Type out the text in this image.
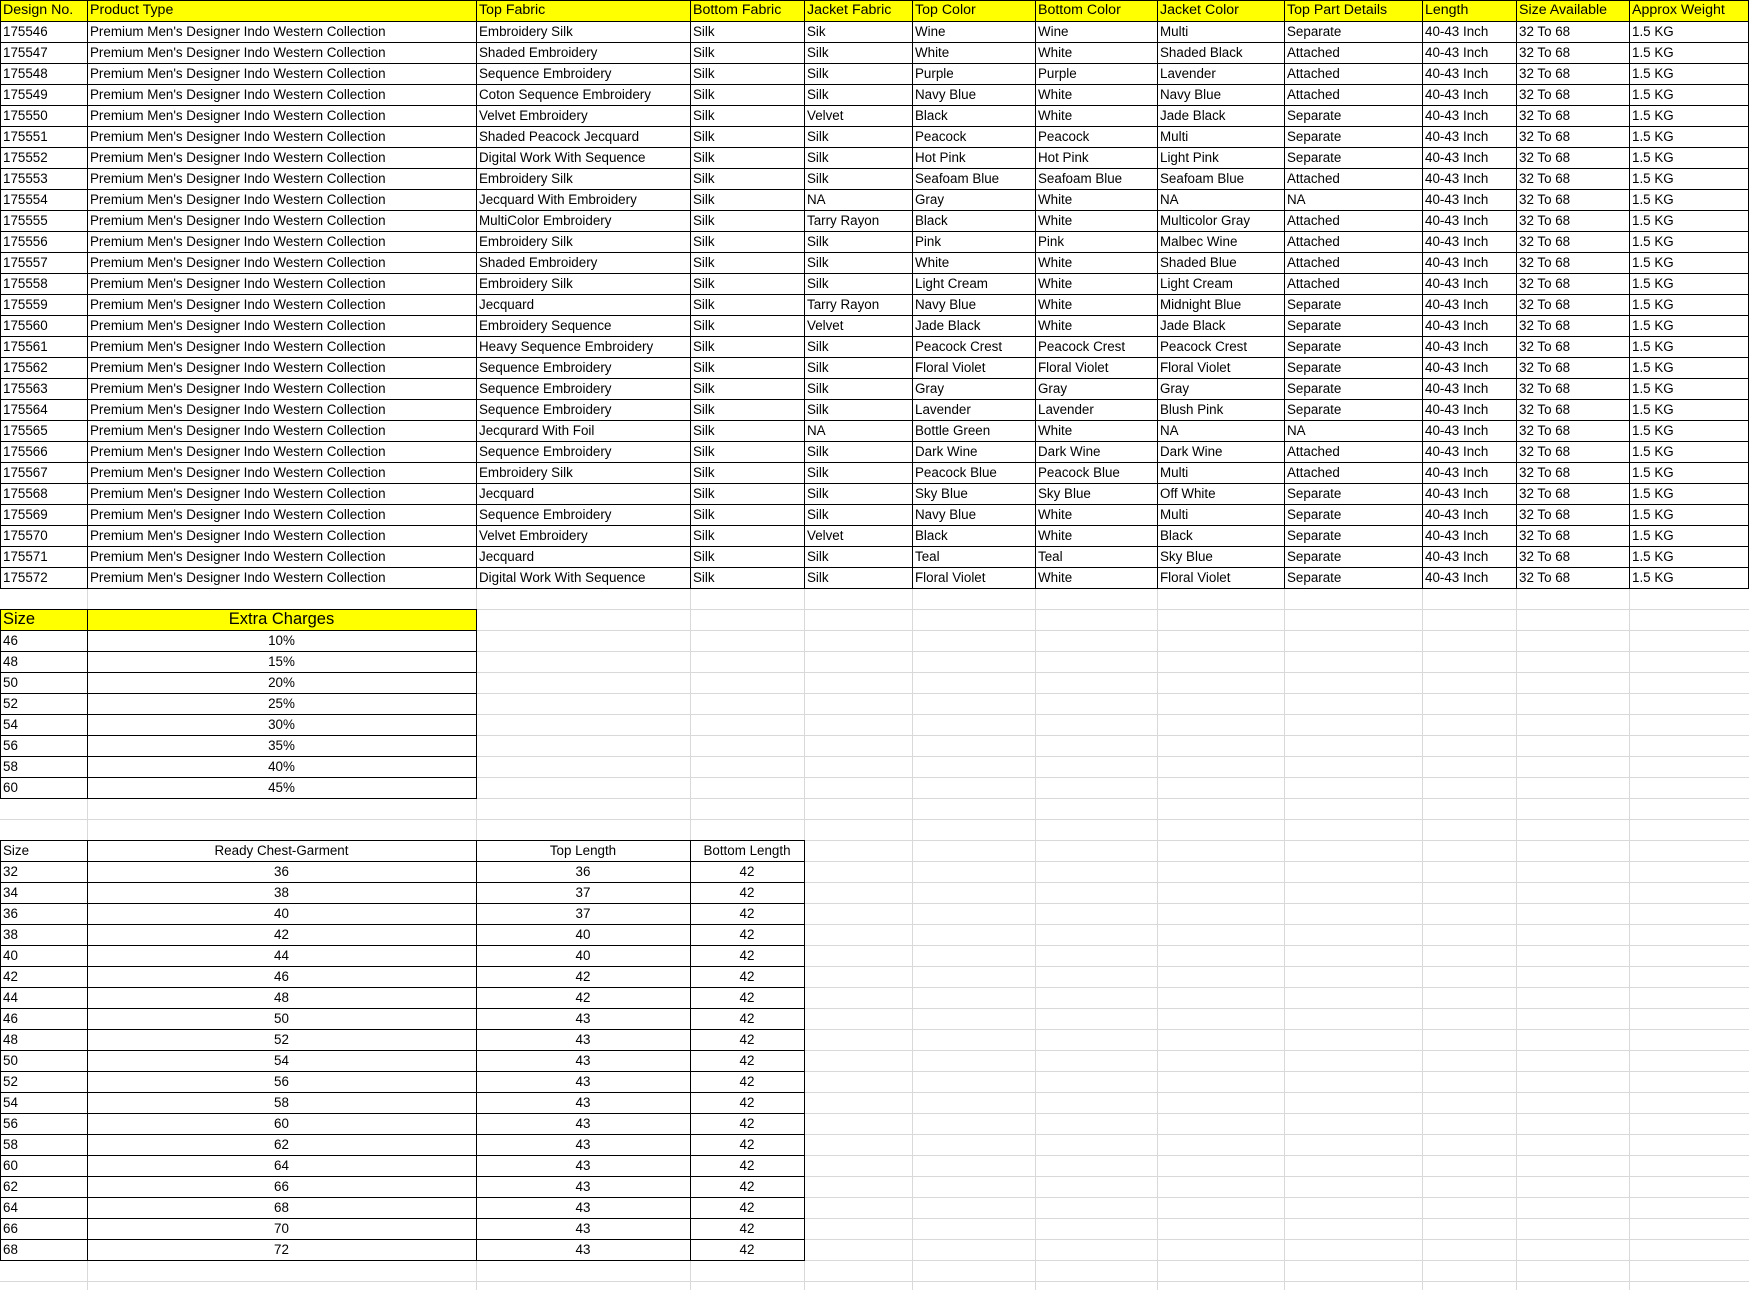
Design No.	Product Type	Top Fabric	Bottom Fabric	Jacket Fabric	Top Color	Bottom Color	Jacket Color	Top Part Details	Length	Size Available	Approx Weight
175546	Premium Men's Designer Indo Western Collection	Embroidery Silk	Silk	Sik	Wine	Wine	Multi	Separate	40-43 Inch	32 To 68	1.5 KG
175547	Premium Men's Designer Indo Western Collection	Shaded Embroidery	Silk	Silk	White	White	Shaded Black	Attached	40-43 Inch	32 To 68	1.5 KG
175548	Premium Men's Designer Indo Western Collection	Sequence Embroidery	Silk	Silk	Purple	Purple	Lavender	Attached	40-43 Inch	32 To 68	1.5 KG
175549	Premium Men's Designer Indo Western Collection	Coton Sequence Embroidery	Silk	Silk	Navy Blue	White	Navy Blue	Attached	40-43 Inch	32 To 68	1.5 KG
175550	Premium Men's Designer Indo Western Collection	Velvet Embroidery	Silk	Velvet	Black	White	Jade Black	Separate	40-43 Inch	32 To 68	1.5 KG
175551	Premium Men's Designer Indo Western Collection	Shaded Peacock Jecquard	Silk	Silk	Peacock	Peacock	Multi	Separate	40-43 Inch	32 To 68	1.5 KG
175552	Premium Men's Designer Indo Western Collection	Digital Work With Sequence	Silk	Silk	Hot Pink	Hot Pink	Light Pink	Separate	40-43 Inch	32 To 68	1.5 KG
175553	Premium Men's Designer Indo Western Collection	Embroidery Silk	Silk	Silk	Seafoam Blue	Seafoam Blue	Seafoam Blue	Attached	40-43 Inch	32 To 68	1.5 KG
175554	Premium Men's Designer Indo Western Collection	Jecquard With Embroidery	Silk	NA	Gray	White	NA	NA	40-43 Inch	32 To 68	1.5 KG
175555	Premium Men's Designer Indo Western Collection	MultiColor Embroidery	Silk	Tarry Rayon	Black	White	Multicolor Gray	Attached	40-43 Inch	32 To 68	1.5 KG
175556	Premium Men's Designer Indo Western Collection	Embroidery Silk	Silk	Silk	Pink	Pink	Malbec Wine	Attached	40-43 Inch	32 To 68	1.5 KG
175557	Premium Men's Designer Indo Western Collection	Shaded Embroidery	Silk	Silk	White	White	Shaded Blue	Attached	40-43 Inch	32 To 68	1.5 KG
175558	Premium Men's Designer Indo Western Collection	Embroidery Silk	Silk	Silk	Light Cream	White	Light Cream	Attached	40-43 Inch	32 To 68	1.5 KG
175559	Premium Men's Designer Indo Western Collection	Jecquard	Silk	Tarry Rayon	Navy Blue	White	Midnight Blue	Separate	40-43 Inch	32 To 68	1.5 KG
175560	Premium Men's Designer Indo Western Collection	Embroidery Sequence	Silk	Velvet	Jade Black	White	Jade Black	Separate	40-43 Inch	32 To 68	1.5 KG
175561	Premium Men's Designer Indo Western Collection	Heavy Sequence Embroidery	Silk	Silk	Peacock Crest	Peacock Crest	Peacock Crest	Separate	40-43 Inch	32 To 68	1.5 KG
175562	Premium Men's Designer Indo Western Collection	Sequence Embroidery	Silk	Silk	Floral Violet	Floral Violet	Floral Violet	Separate	40-43 Inch	32 To 68	1.5 KG
175563	Premium Men's Designer Indo Western Collection	Sequence Embroidery	Silk	Silk	Gray	Gray	Gray	Separate	40-43 Inch	32 To 68	1.5 KG
175564	Premium Men's Designer Indo Western Collection	Sequence Embroidery	Silk	Silk	Lavender	Lavender	Blush Pink	Separate	40-43 Inch	32 To 68	1.5 KG
175565	Premium Men's Designer Indo Western Collection	Jecqurard With Foil	Silk	NA	Bottle Green	White	NA	NA	40-43 Inch	32 To 68	1.5 KG
175566	Premium Men's Designer Indo Western Collection	Sequence Embroidery	Silk	Silk	Dark Wine	Dark Wine	Dark Wine	Attached	40-43 Inch	32 To 68	1.5 KG
175567	Premium Men's Designer Indo Western Collection	Embroidery Silk	Silk	Silk	Peacock Blue	Peacock Blue	Multi	Attached	40-43 Inch	32 To 68	1.5 KG
175568	Premium Men's Designer Indo Western Collection	Jecquard	Silk	Silk	Sky Blue	Sky Blue	Off White	Separate	40-43 Inch	32 To 68	1.5 KG
175569	Premium Men's Designer Indo Western Collection	Sequence Embroidery	Silk	Silk	Navy Blue	White	Multi	Separate	40-43 Inch	32 To 68	1.5 KG
175570	Premium Men's Designer Indo Western Collection	Velvet Embroidery	Silk	Velvet	Black	White	Black	Separate	40-43 Inch	32 To 68	1.5 KG
175571	Premium Men's Designer Indo Western Collection	Jecquard	Silk	Silk	Teal	Teal	Sky Blue	Separate	40-43 Inch	32 To 68	1.5 KG
175572	Premium Men's Designer Indo Western Collection	Digital Work With Sequence	Silk	Silk	Floral Violet	White	Floral Violet	Separate	40-43 Inch	32 To 68	1.5 KG
Size	Extra Charges
46	10%
48	15%
50	20%
52	25%
54	30%
56	35%
58	40%
60	45%
Size	Ready Chest-Garment	Top Length	Bottom Length
32	36	36	42
34	38	37	42
36	40	37	42
38	42	40	42
40	44	40	42
42	46	42	42
44	48	42	42
46	50	43	42
48	52	43	42
50	54	43	42
52	56	43	42
54	58	43	42
56	60	43	42
58	62	43	42
60	64	43	42
62	66	43	42
64	68	43	42
66	70	43	42
68	72	43	42
